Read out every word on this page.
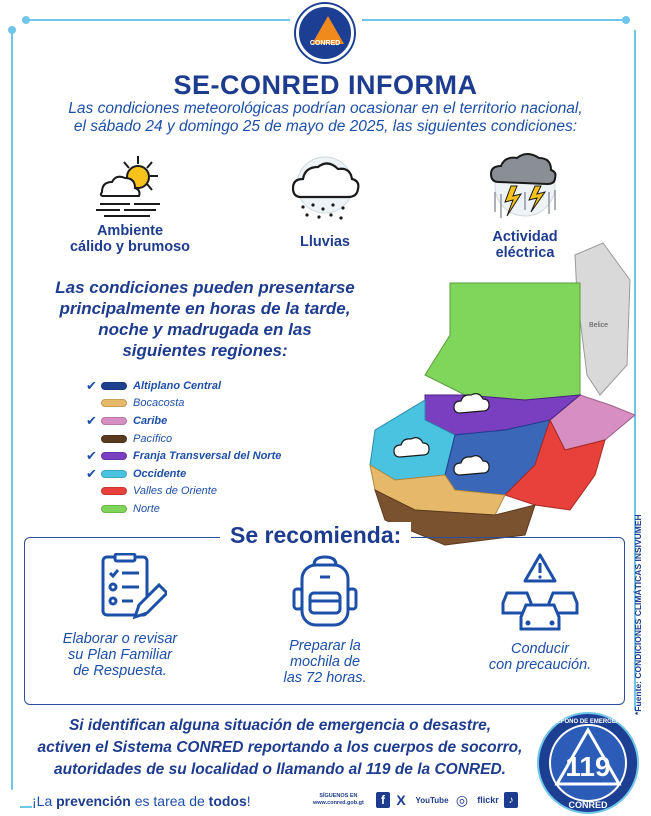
CONRED
SE-CONRED INFORMA
Las condiciones meteorológicas podrían ocasionar en el territorio nacional,
el sábado 24 y domingo 25 de mayo de 2025, las siguientes condiciones:
Ambiente
cálido y brumoso	Lluvias	Actividad
eléctrica
Las condiciones pueden presentarse
principalmente en horas de la tarde,
noche y madrugada en las
siguientes regiones:
✔	Altiplano Central
Bocacosta
✔	Caribe
Pacífico
✔	Franja Transversal del Norte
✔	Occidente
Valles de Oriente
Norte
Belice
Se recomienda:
Elaborar o revisar
su Plan Familiar
de Respuesta.
Preparar la
mochila de
las 72 horas.
Conducir
con precaución.	*Fuente: CONDICIONES CLIMÁTICAS INSIVUMEH
Si identifican alguna situación de emergencia o desastre,
activen el Sistema CONRED reportando a los cuerpos de socorro,
autoridades de su localidad o llamando al 119 de la CONRED.	119
TELÉFONO DE EMERGENCIA
CONRED
¡La prevención es tarea de todos!	SÍGUENOS EN
www.conred.gob.gt	f X	YouTube ◎	flickr ♪
